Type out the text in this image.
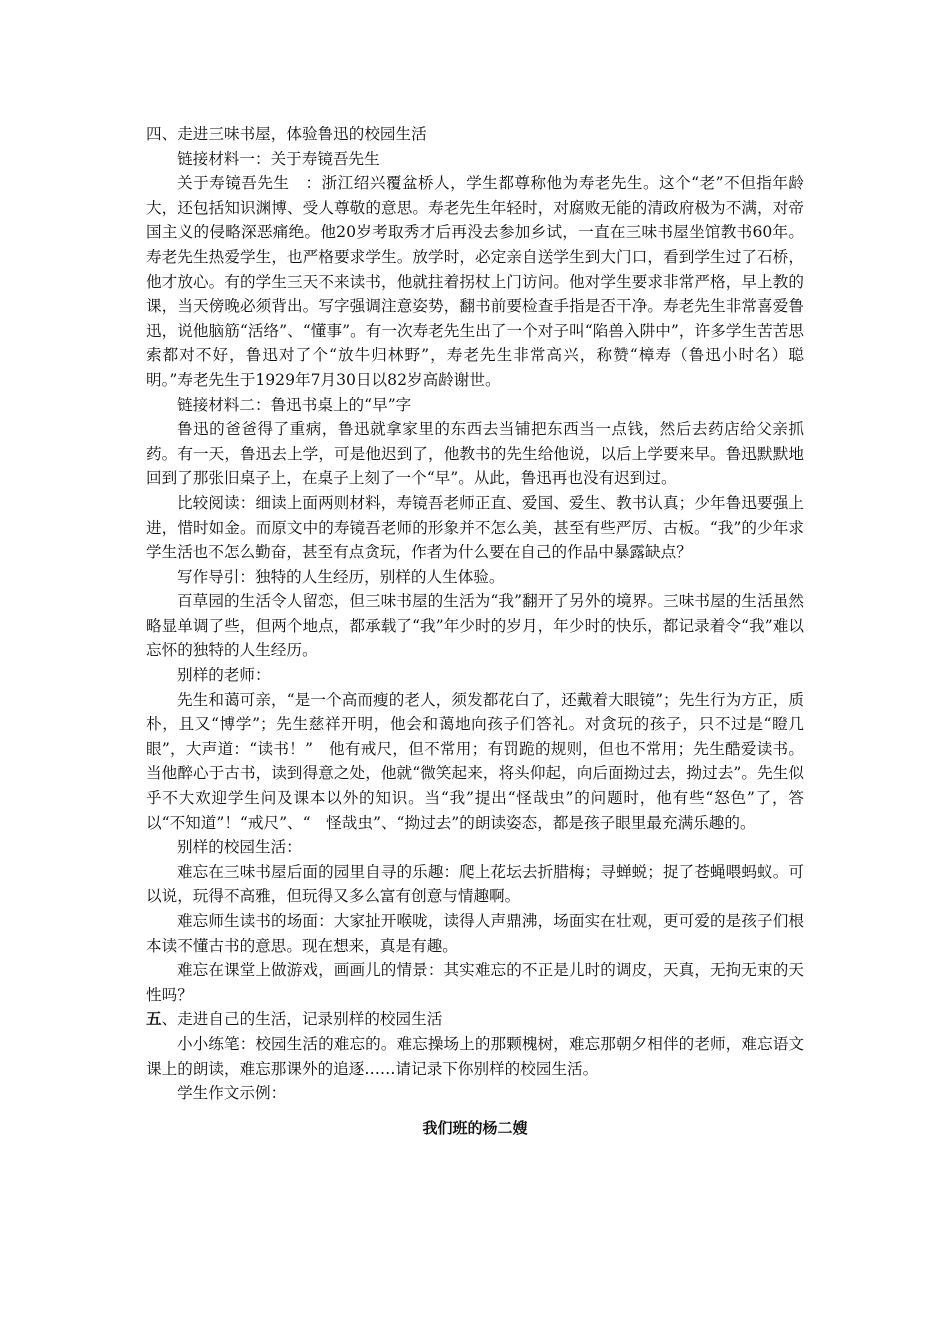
四、走进三味书屋，体验鲁迅的校园生活

链接材料一：关于寿镜吾先生

关于寿镜吾先生　：浙江绍兴覆盆桥人，学生都尊称他为寿老先生。这个“老”不但指年龄大，还包括知识渊博、受人尊敬的意思。寿老先生年轻时，对腐败无能的清政府极为不满，对帝国主义的侵略深恶痛绝。他20岁考取秀才后再没去参加乡试，一直在三味书屋坐馆教书60年。寿老先生热爱学生，也严格要求学生。放学时，必定亲自送学生到大门口，看到学生过了石桥，他才放心。有的学生三天不来读书，他就拄着拐杖上门访问。他对学生要求非常严格，早上教的课，当天傍晚必须背出。写字强调注意姿势，翻书前要检查手指是否干净。寿老先生非常喜爱鲁迅，说他脑筋“活络”、“懂事”。有一次寿老先生出了一个对子叫“陷兽入阱中”，许多学生苦苦思索都对不好，鲁迅对了个“放牛归林野”，寿老先生非常高兴，称赞“樟寿（鲁迅小时名）聪明。”寿老先生于1929年7月30日以82岁高龄谢世。

链接材料二：鲁迅书桌上的“早”字

鲁迅的爸爸得了重病，鲁迅就拿家里的东西去当铺把东西当一点钱，然后去药店给父亲抓药。有一天，鲁迅去上学，可是他迟到了，他教书的先生给他说，以后上学要来早。鲁迅默默地回到了那张旧桌子上，在桌子上刻了一个“早”。从此，鲁迅再也没有迟到过。

比较阅读：细读上面两则材料，寿镜吾老师正直、爱国、爱生、教书认真；少年鲁迅要强上进，惜时如金。而原文中的寿镜吾老师的形象并不怎么美，甚至有些严厉、古板。“我”的少年求学生活也不怎么勤奋，甚至有点贪玩，作者为什么要在自己的作品中暴露缺点？

写作导引：独特的人生经历，别样的人生体验。

百草园的生活令人留恋，但三味书屋的生活为“我”翻开了另外的境界。三味书屋的生活虽然略显单调了些，但两个地点，都承载了“我”年少时的岁月，年少时的快乐，都记录着令“我”难以忘怀的独特的人生经历。

别样的老师：

先生和蔼可亲，“是一个高而瘦的老人，须发都花白了，还戴着大眼镜”；先生行为方正，质朴，且又“博学”；先生慈祥开明，他会和蔼地向孩子们答礼。对贪玩的孩子，只不过是“瞪几眼”，大声道：“读书！”　他有戒尺，但不常用；有罚跪的规则，但也不常用；先生酷爱读书。当他醉心于古书，读到得意之处，他就“微笑起来，将头仰起，向后面拗过去，拗过去”。先生似乎不大欢迎学生问及课本以外的知识。当“我”提出“怪哉虫”的问题时，他有些“怒色”了，答以“不知道”！“戒尺”、“　怪哉虫”、“拗过去”的朗读姿态，都是孩子眼里最充满乐趣的。

别样的校园生活：

难忘在三味书屋后面的园里自寻的乐趣：爬上花坛去折腊梅；寻蝉蜕；捉了苍蝇喂蚂蚁。可以说，玩得不高雅，但玩得又多么富有创意与情趣啊。

难忘师生读书的场面：大家扯开喉咙，读得人声鼎沸，场面实在壮观，更可爱的是孩子们根本读不懂古书的意思。现在想来，真是有趣。

难忘在课堂上做游戏，画画儿的情景：其实难忘的不正是儿时的调皮，天真，无拘无束的天性吗？

五、走进自己的生活，记录别样的校园生活

小小练笔：校园生活的难忘的。难忘操场上的那颗槐树，难忘那朝夕相伴的老师，难忘语文课上的朗读，难忘那课外的追逐……请记录下你别样的校园生活。

学生作文示例：

我们班的杨二嫂
